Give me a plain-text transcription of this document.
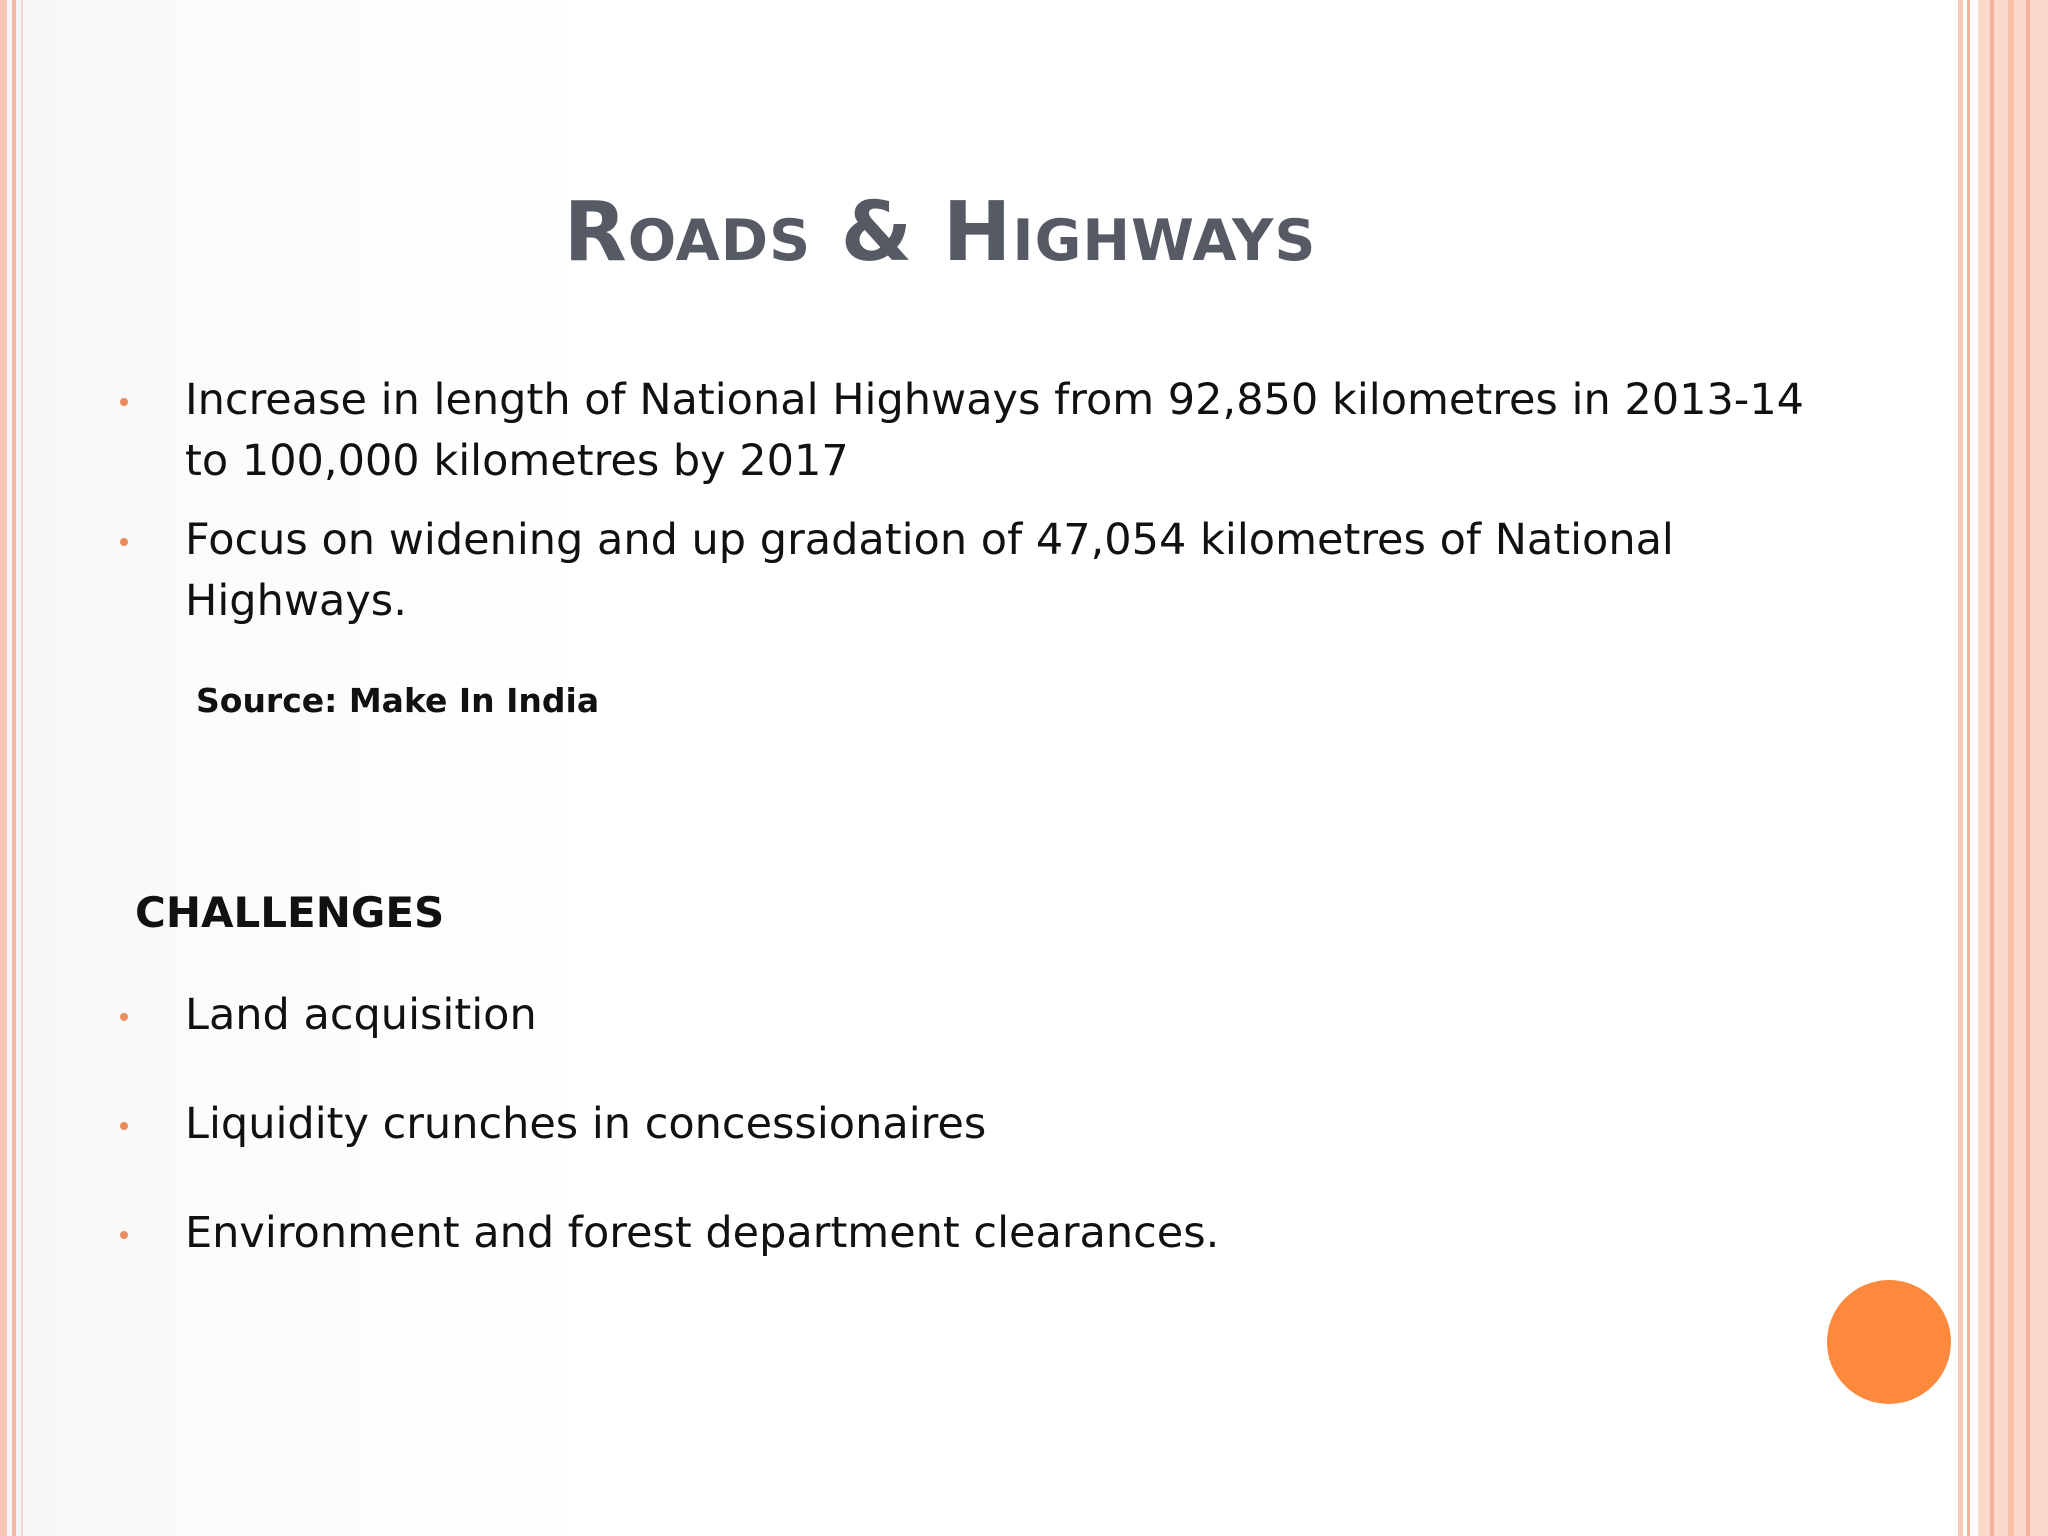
Roads & Highways
Increase in length of National Highways from 92,850 kilometres in 2013-14 to 100,000 kilometres by 2017
Focus on widening and up gradation of 47,054 kilometres of National Highways.
Source: Make In India
CHALLENGES
Land acquisition
Liquidity crunches in concessionaires
Environment and forest department clearances.
